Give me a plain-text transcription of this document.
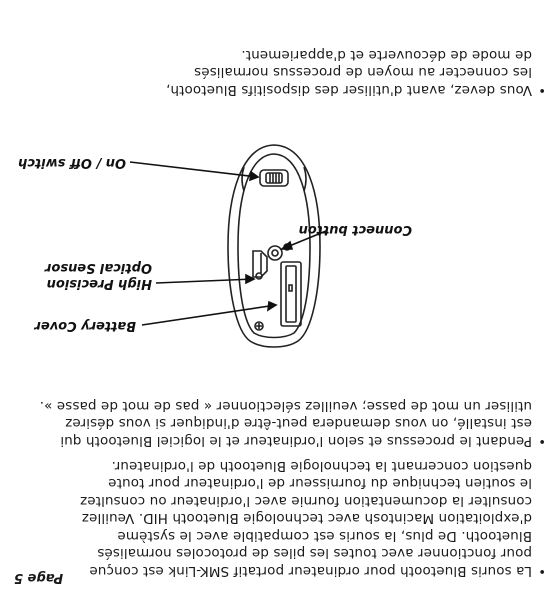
•
La souris Bluetooth pour ordinateur portatif SMK-Link est conçue
pour fonctionner avec toutes les piles de protocoles normalisés
Bluetooth. De plus, la souris est compatible avec le système
d'exploitation Macintosh avec technologie Bluetooth HID. Veuillez
consulter la documentation fournie avec l'ordinateur ou consultez
le soutien technique du fournisseur de l'ordinateur pour toute
question concernant la technologie Bluetooth de l'ordinateur.
•
Pendant le processus et selon l'ordinateur et le logiciel Bluetooth qui
est installé, on vous demandera peut-être d'indiquer si vous désirez
utiliser un mot de passe; veuillez sélectionner « pas de mot de passe ».
Battery Cover
High Precision
Optical Sensor
Connect button
On / Off switch
•
Vous devez, avant d'utiliser des dispositifs Bluetooth,
les connecter au moyen de processus normalisés
de mode de découverte et d'appariement.
Page 5
